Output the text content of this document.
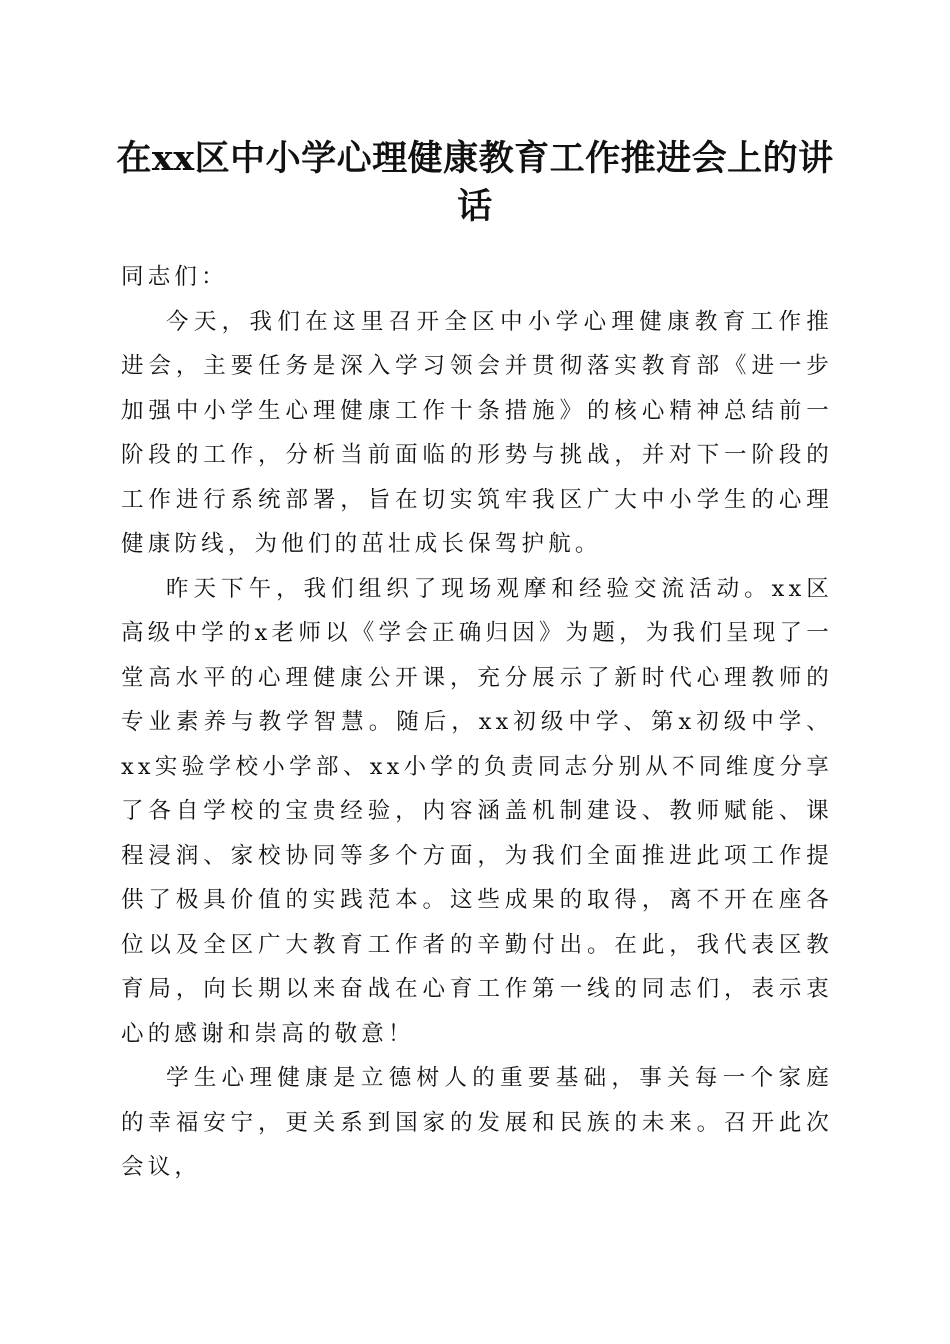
在xx区中小学心理健康教育工作推进会上的讲话

同志们：

今天，我们在这里召开全区中小学心理健康教育工作推进会，主要任务是深入学习领会并贯彻落实教育部《进一步加强中小学生心理健康工作十条措施》的核心精神总结前一阶段的工作，分析当前面临的形势与挑战，并对下一阶段的工作进行系统部署，旨在切实筑牢我区广大中小学生的心理健康防线，为他们的茁壮成长保驾护航。

昨天下午，我们组织了现场观摩和经验交流活动。xx区高级中学的x老师以《学会正确归因》为题，为我们呈现了一堂高水平的心理健康公开课，充分展示了新时代心理教师的专业素养与教学智慧。随后，xx初级中学、第x初级中学、xx实验学校小学部、xx小学的负责同志分别从不同维度分享了各自学校的宝贵经验，内容涵盖机制建设、教师赋能、课程浸润、家校协同等多个方面，为我们全面推进此项工作提供了极具价值的实践范本。这些成果的取得，离不开在座各位以及全区广大教育工作者的辛勤付出。在此，我代表区教育局，向长期以来奋战在心育工作第一线的同志们，表示衷心的感谢和崇高的敬意！

学生心理健康是立德树人的重要基础，事关每一个家庭的幸福安宁，更关系到国家的发展和民族的未来。召开此次会议，
